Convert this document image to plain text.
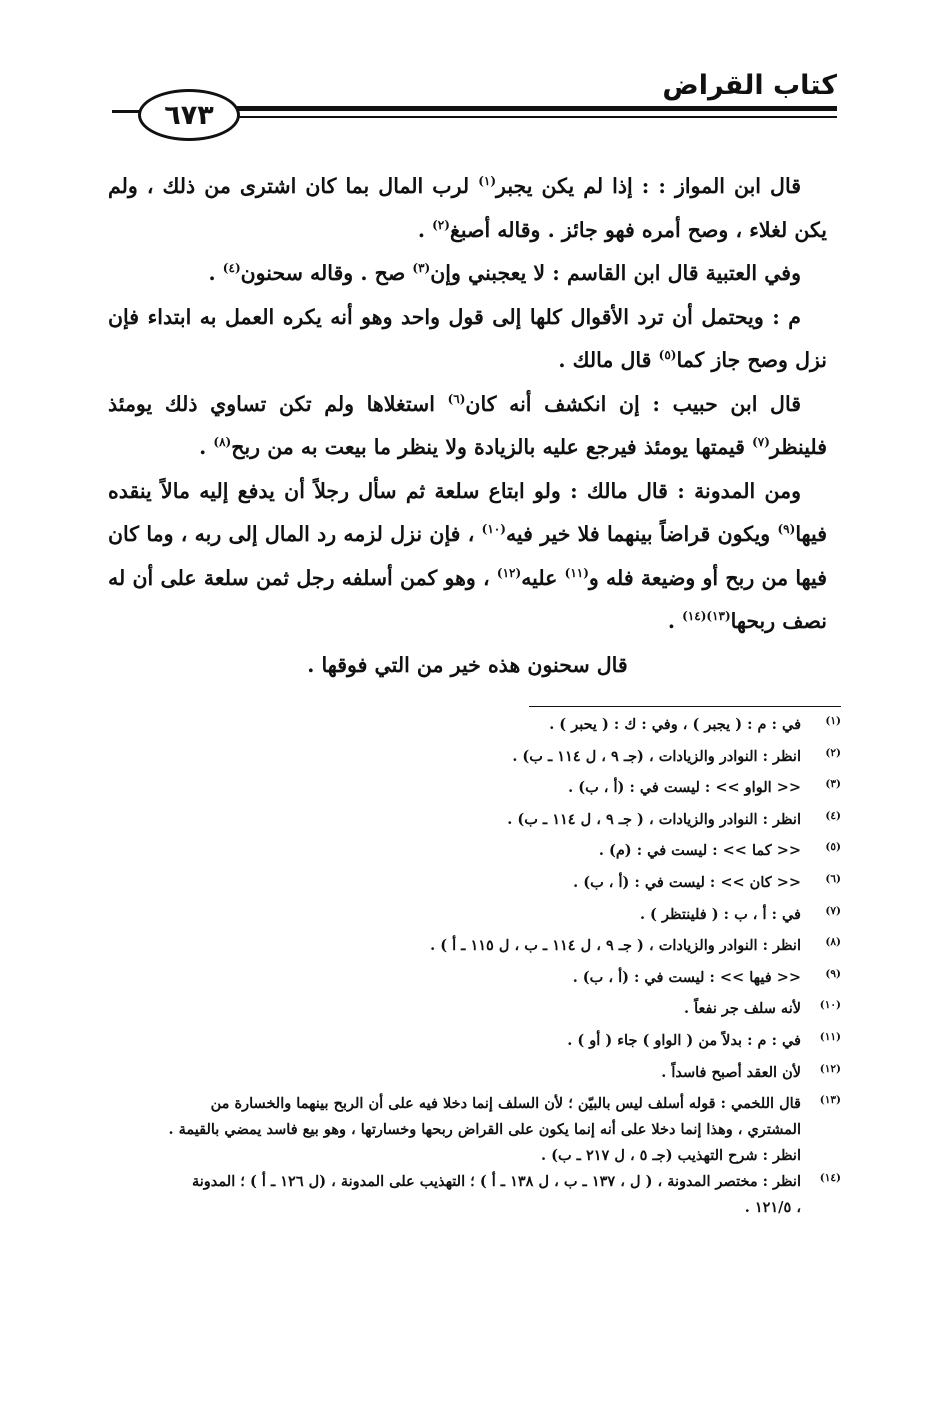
كتاب القراض
٦٧٣

قال ابن المواز : : إذا لم يكن يجبر$^{(١)}$ لرب المال بما كان اشترى من ذلك ، ولم يكن لغلاء ، وصح أمره فهو جائز . وقاله أصبغ$^{(٢)}$ .

وفي العتبية قال ابن القاسم : لا يعجبني وإن$^{(٣)}$ صح . وقاله سحنون$^{(٤)}$ .

م : ويحتمل أن ترد الأقوال كلها إلى قول واحد وهو أنه يكره العمل به ابتداء فإن نزل وصح جاز كما$^{(٥)}$ قال مالك .

قال ابن حبيب : إن انكشف أنه كان$^{(٦)}$ استغلاها ولم تكن تساوي ذلك يومئذ فلينظر$^{(٧)}$ قيمتها يومئذ فيرجع عليه بالزيادة ولا ينظر ما بيعت به من ربح$^{(٨)}$ .

ومن المدونة : قال مالك : ولو ابتاع سلعة ثم سأل رجلاً أن يدفع إليه مالاً ينقده فيها$^{(٩)}$ ويكون قراضاً بينهما فلا خير فيه$^{(١٠)}$ ، فإن نزل لزمه رد المال إلى ربه ، وما كان فيها من ربح أو وضيعة فله و$^{(١١)}$ عليه$^{(١٢)}$ ، وهو كمن أسلفه رجل ثمن سلعة على أن له نصف ربحها$^{(١٣)(١٤)}$ .

قال سحنون هذه خير من التي فوقها .

(١)
في : م : ( يجبر ) ، وفي : ك : ( يحبر ) .
(٢)
انظر : النوادر والزيادات ، (جـ ٩ ، ل ١١٤ ـ ب) .
(٣)
<< الواو >> : ليست في : (أ ، ب) .
(٤)
انظر : النوادر والزيادات ، ( جـ ٩ ، ل ١١٤ ـ ب) .
(٥)
<< كما >> : ليست في : (م) .
(٦)
<< كان >> : ليست في : (أ ، ب) .
(٧)
في : أ ، ب : ( فلينتظر ) .
(٨)
انظر : النوادر والزيادات ، ( جـ ٩ ، ل ١١٤ ـ ب ، ل ١١٥ ـ أ ) .
(٩)
<< فيها >> : ليست في : (أ ، ب) .
(١٠)
لأنه سلف جر نفعاً .
(١١)
في : م : بدلاً من ( الواو ) جاء ( أو ) .
(١٢)
لأن العقد أصبح فاسداً .
(١٣)
قال اللخمي : قوله أسلف ليس بالبيّن ؛ لأن السلف إنما دخلا فيه على أن الربح بينهما والخسارة من
المشتري ، وهذا إنما دخلا على أنه إنما يكون على القراض ربحها وخسارتها ، وهو بيع فاسد يمضي بالقيمة .
انظر : شرح التهذيب (جـ ٥ ، ل ٢١٧ ـ ب) .
(١٤)
انظر : مختصر المدونة ، ( ل ، ١٣٧ ـ ب ، ل ١٣٨ ـ أ ) ؛ التهذيب على المدونة ، (ل ١٢٦ ـ أ ) ؛ المدونة
، ١٢١/٥ .
